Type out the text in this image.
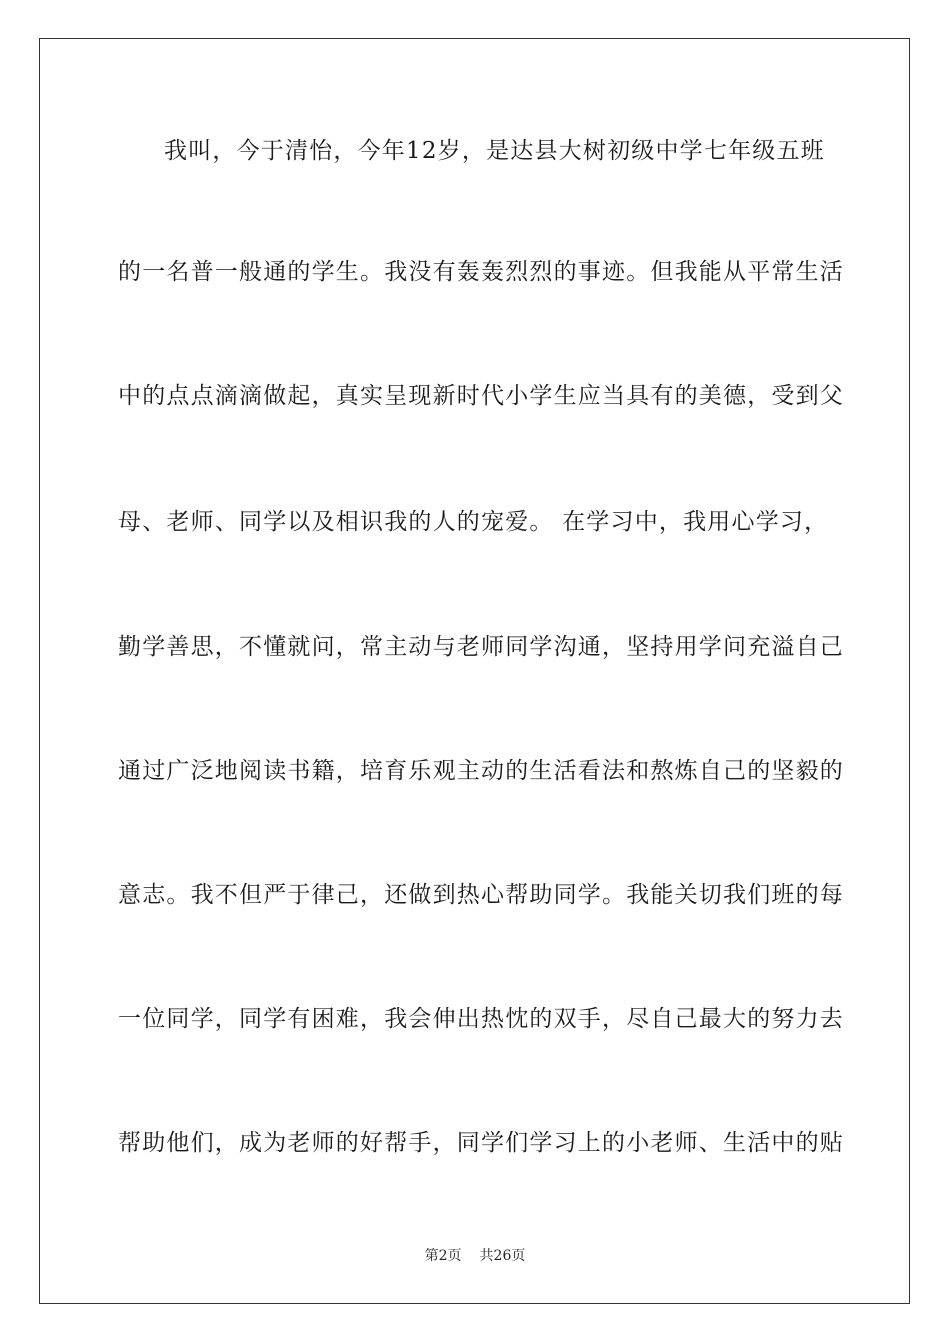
我叫，今于清怡，今年12岁，是达县大树初级中学七年级五班
的一名普一般通的学生。我没有轰轰烈烈的事迹。但我能从平常生活
中的点点滴滴做起，真实呈现新时代小学生应当具有的美德，受到父
母、老师、同学以及相识我的人的宠爱。 在学习中，我用心学习，
勤学善思，不懂就问，常主动与老师同学沟通，坚持用学问充溢自己
通过广泛地阅读书籍，培育乐观主动的生活看法和熬炼自己的坚毅的
意志。我不但严于律己，还做到热心帮助同学。我能关切我们班的每
一位同学，同学有困难，我会伸出热忱的双手，尽自己最大的努力去
帮助他们，成为老师的好帮手，同学们学习上的小老师、生活中的贴
第2页 共26页
